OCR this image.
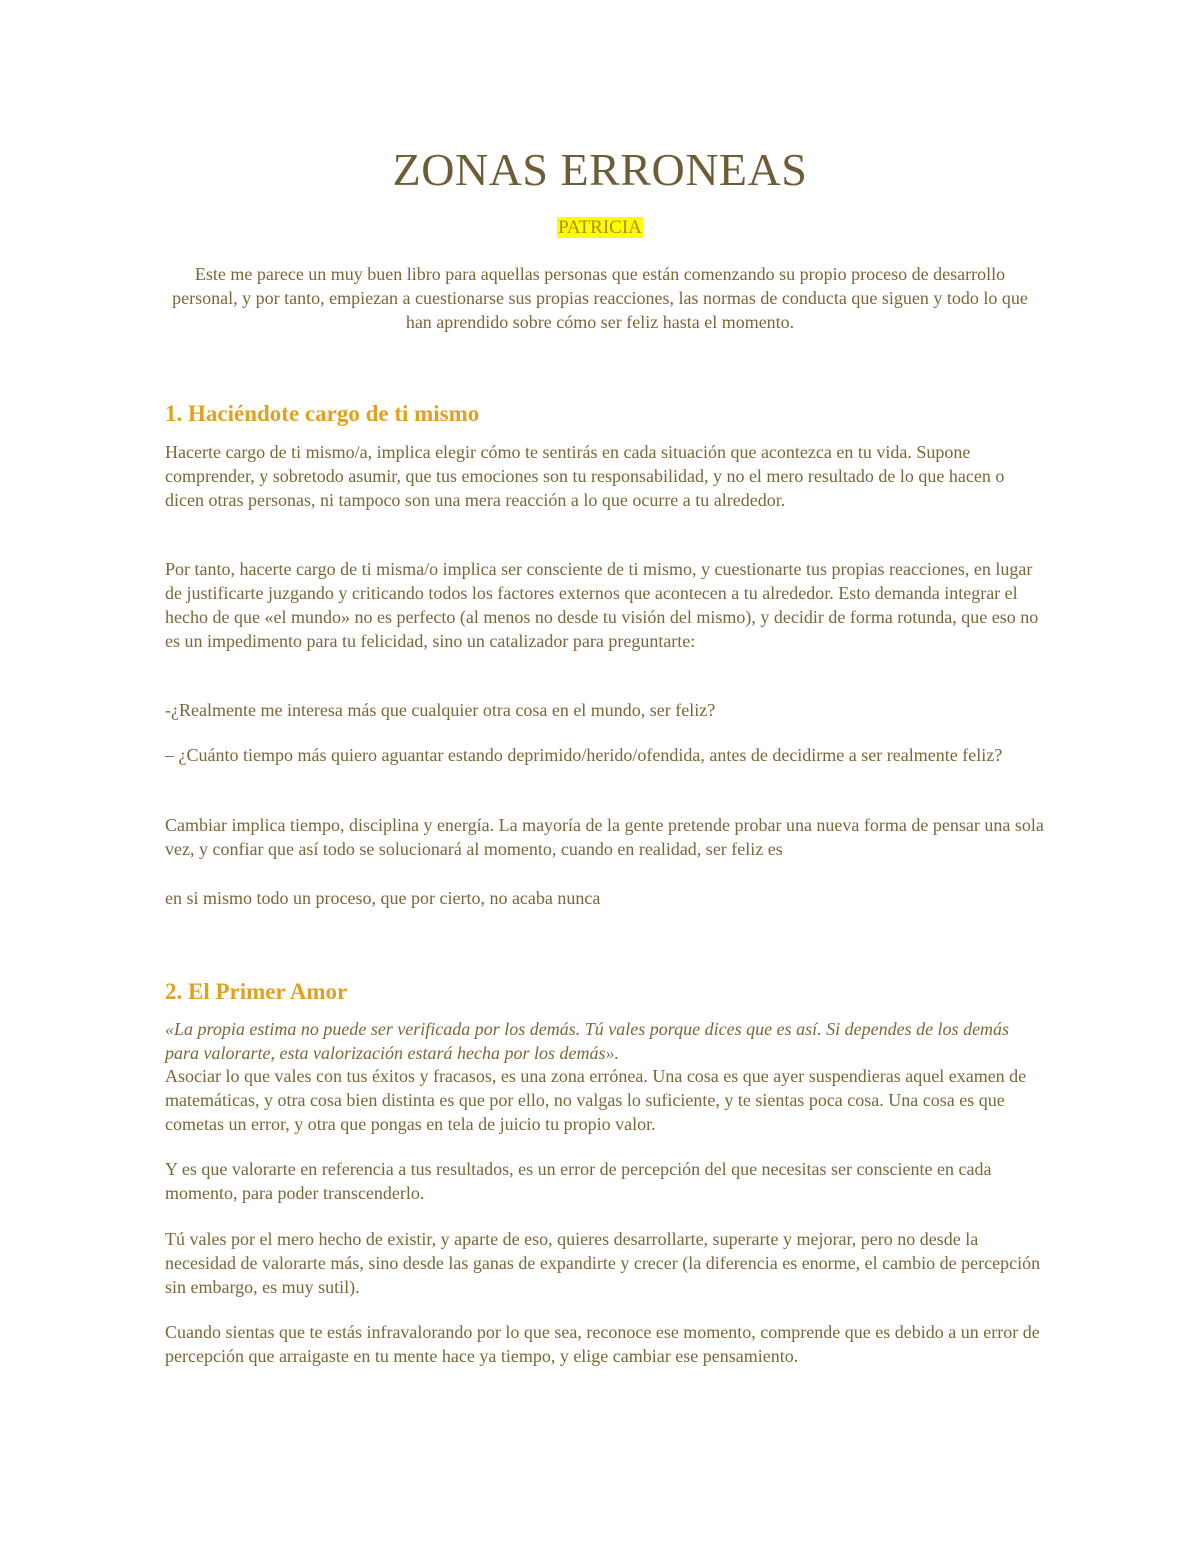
ZONAS ERRONEAS
PATRICIA

Este me parece un muy buen libro para aquellas personas que están comenzando su propio proceso de desarrollo personal, y por tanto, empiezan a cuestionarse sus propias reacciones, las normas de conducta que siguen y todo lo que han aprendido sobre cómo ser feliz hasta el momento.

1. Haciéndote cargo de ti mismo

Hacerte cargo de ti mismo/a, implica elegir cómo te sentirás en cada situación que acontezca en tu vida. Supone comprender, y sobretodo asumir, que tus emociones son tu responsabilidad, y no el mero resultado de lo que hacen o dicen otras personas, ni tampoco son una mera reacción a lo que ocurre a tu alrededor.

Por tanto, hacerte cargo de ti misma/o implica ser consciente de ti mismo, y cuestionarte tus propias reacciones, en lugar de justificarte juzgando y criticando todos los factores externos que acontecen a tu alrededor. Esto demanda integrar el hecho de que «el mundo» no es perfecto (al menos no desde tu visión del mismo), y decidir de forma rotunda, que eso no es un impedimento para tu felicidad, sino un catalizador para preguntarte:

-¿Realmente me interesa más que cualquier otra cosa en el mundo, ser feliz?

– ¿Cuánto tiempo más quiero aguantar estando deprimido/herido/ofendida, antes de decidirme a ser realmente feliz?

Cambiar implica tiempo, disciplina y energía. La mayoría de la gente pretende probar una nueva forma de pensar una sola vez, y confiar que así todo se solucionará al momento, cuando en realidad, ser feliz es

en si mismo todo un proceso, que por cierto, no acaba nunca

2. El Primer Amor

«La propia estima no puede ser verificada por los demás. Tú vales porque dices que es así. Si dependes de los demás para valorarte, esta valorización estará hecha por los demás».

Asociar lo que vales con tus éxitos y fracasos, es una zona errónea. Una cosa es que ayer suspendieras aquel examen de matemáticas, y otra cosa bien distinta es que por ello, no valgas lo suficiente, y te sientas poca cosa. Una cosa es que cometas un error, y otra que pongas en tela de juicio tu propio valor.

Y es que valorarte en referencia a tus resultados, es un error de percepción del que necesitas ser consciente en cada momento, para poder transcenderlo.

Tú vales por el mero hecho de existir, y aparte de eso, quieres desarrollarte, superarte y mejorar, pero no desde la necesidad de valorarte más, sino desde las ganas de expandirte y crecer (la diferencia es enorme, el cambio de percepción sin embargo, es muy sutil).

Cuando sientas que te estás infravalorando por lo que sea, reconoce ese momento, comprende que es debido a un error de percepción que arraigaste en tu mente hace ya tiempo, y elige cambiar ese pensamiento.
